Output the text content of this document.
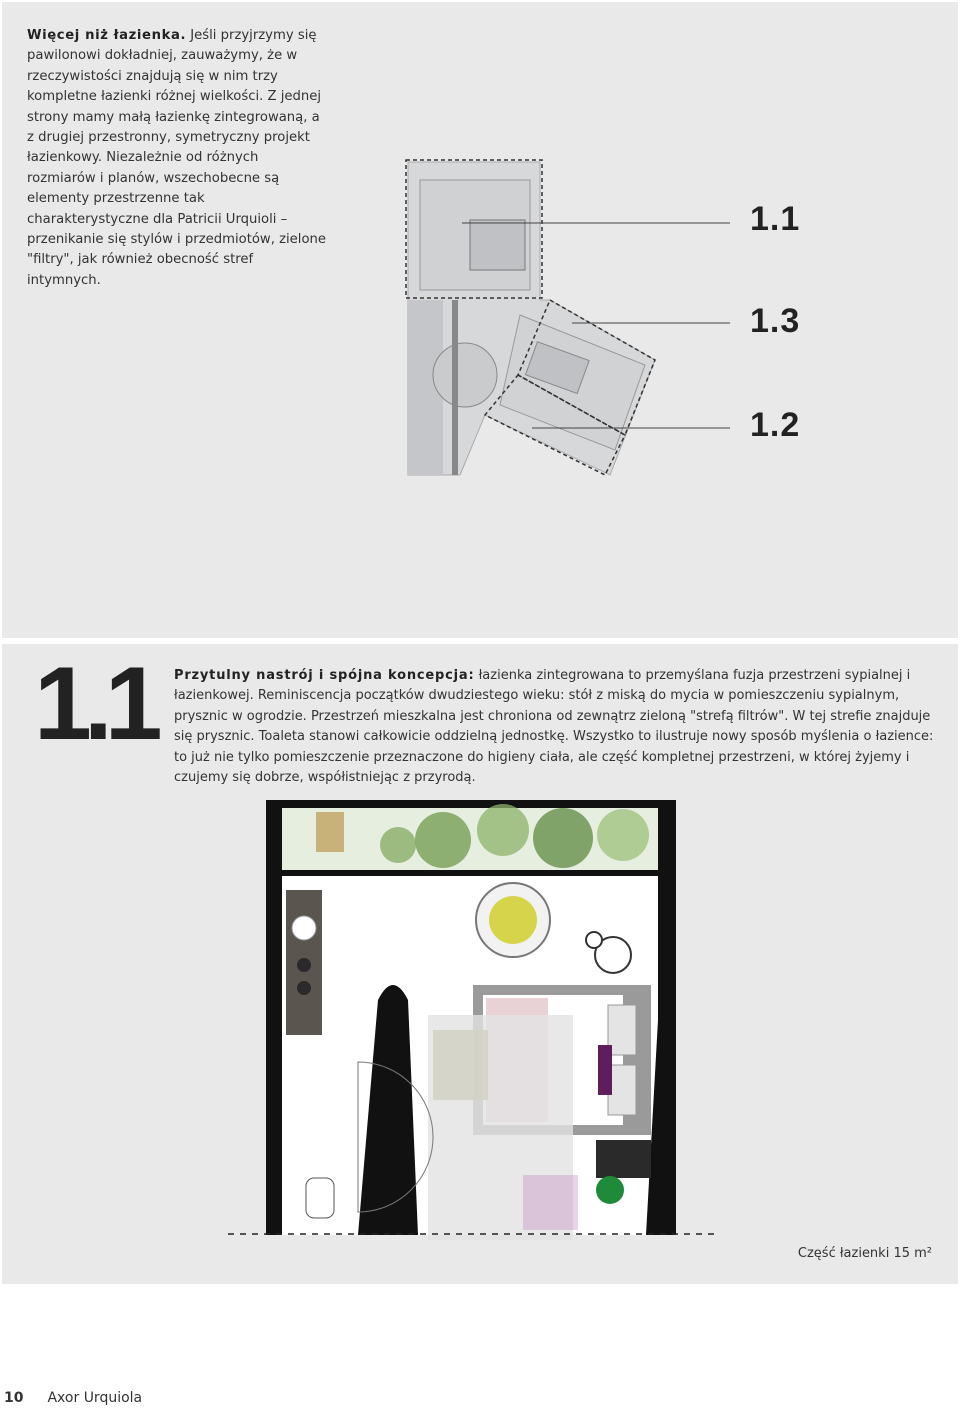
Więcej niż łazienka. Jeśli przyjrzymy się pawilonowi dokładniej, zauważymy, że w rzeczywistości znajdują się w nim trzy kompletne łazienki różnej wielkości. Z jednej strony mamy małą łazienkę zintegrowaną, a z drugiej przestronny, symetryczny projekt łazienkowy. Niezależnie od różnych rozmiarów i planów, wszechobecne są elementy przestrzenne tak charakterystyczne dla Patricii Urquioli – przenikanie się stylów i przedmiotów, zielone "filtry", jak również obecność stref intymnych.
1.1
1.3
1.2
1.1 Przytulny nastrój i spójna koncepcja: łazienka zintegrowana to przemyślana fuzja przestrzeni sypialnej i łazienkowej. Reminiscencja początków dwudziestego wieku: stół z miską do mycia w pomieszczeniu sypialnym, prysznic w ogrodzie. Przestrzeń mieszkalna jest chroniona od zewnątrz zieloną "strefą filtrów". W tej strefie znajduje się prysznic. Toaleta stanowi całkowicie oddzielną jednostkę. Wszystko to ilustruje nowy sposób myślenia o łazience: to już nie tylko pomieszczenie przeznaczone do higieny ciała, ale część kompletnej przestrzeni, w której żyjemy i czujemy się dobrze, współistniejąc z przyrodą.
Część łazienki 15 m²
10 Axor Urquiola
